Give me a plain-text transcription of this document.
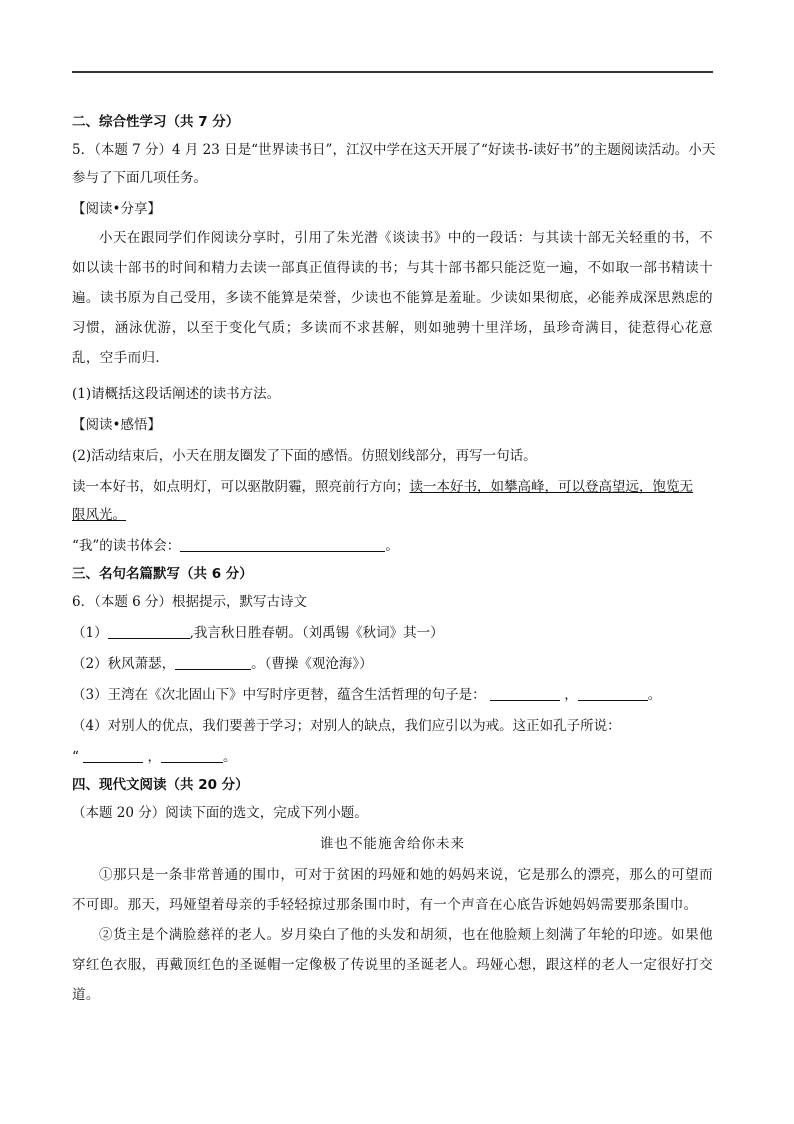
二、综合性学习（共 7 分）
5．（本题 7 分）4 月 23 日是“世界读书日”，江汉中学在这天开展了“好读书-读好书”的主题阅读活动。小天
参与了下面几项任务。
【阅读•分享】
小天在跟同学们作阅读分享时，引用了朱光潜《谈读书》中的一段话：与其读十部无关轻重的书，不如以读十部书的时间和精力去读一部真正值得读的书；与其十部书都只能泛览一遍，不如取一部书精读十遍。读书原为自己受用，多读不能算是荣誉，少读也不能算是羞耻。少读如果彻底，必能养成深思熟虑的习惯，涵泳优游，以至于变化气质；多读而不求甚解，则如驰骋十里洋场，虽珍奇满目，徒惹得心花意乱，空手而归．
(1)请概括这段话阐述的读书方法。
【阅读•感悟】
(2)活动结束后，小天在朋友圈发了下面的感悟。仿照划线部分，再写一句话。
读一本好书，如点明灯，可以驱散阴霾，照亮前行方向；读一本好书，如攀高峰，可以登高望远，饱览无
限风光。
“我”的读书体会：	。
三、名句名篇默写（共 6 分）
6．（本题 6 分）根据提示，默写古诗文
（1）	,我言秋日胜春朝。（刘禹锡《秋词》其一）
（2）秋风萧瑟，	。（曹操《观沧海》）
（3）王湾在《次北固山下》中写时序更替，蕴含生活哲理的句子是：	，	。
（4）对别人的优点，我们要善于学习；对别人的缺点，我们应引以为戒。这正如孔子所说：
“	，	。
四、现代文阅读（共 20 分）
（本题 20 分）阅读下面的选文，完成下列小题。
谁也不能施舍给你未来
①那只是一条非常普通的围巾，可对于贫困的玛娅和她的妈妈来说，它是那么的漂亮，那么的可望而不可即。那天，玛娅望着母亲的手轻轻掠过那条围巾时，有一个声音在心底告诉她妈妈需要那条围巾。
②货主是个满脸慈祥的老人。岁月染白了他的头发和胡须，也在他脸颊上刻满了年轮的印迹。如果他穿红色衣服，再戴顶红色的圣诞帽一定像极了传说里的圣诞老人。玛娅心想，跟这样的老人一定很好打交道。
